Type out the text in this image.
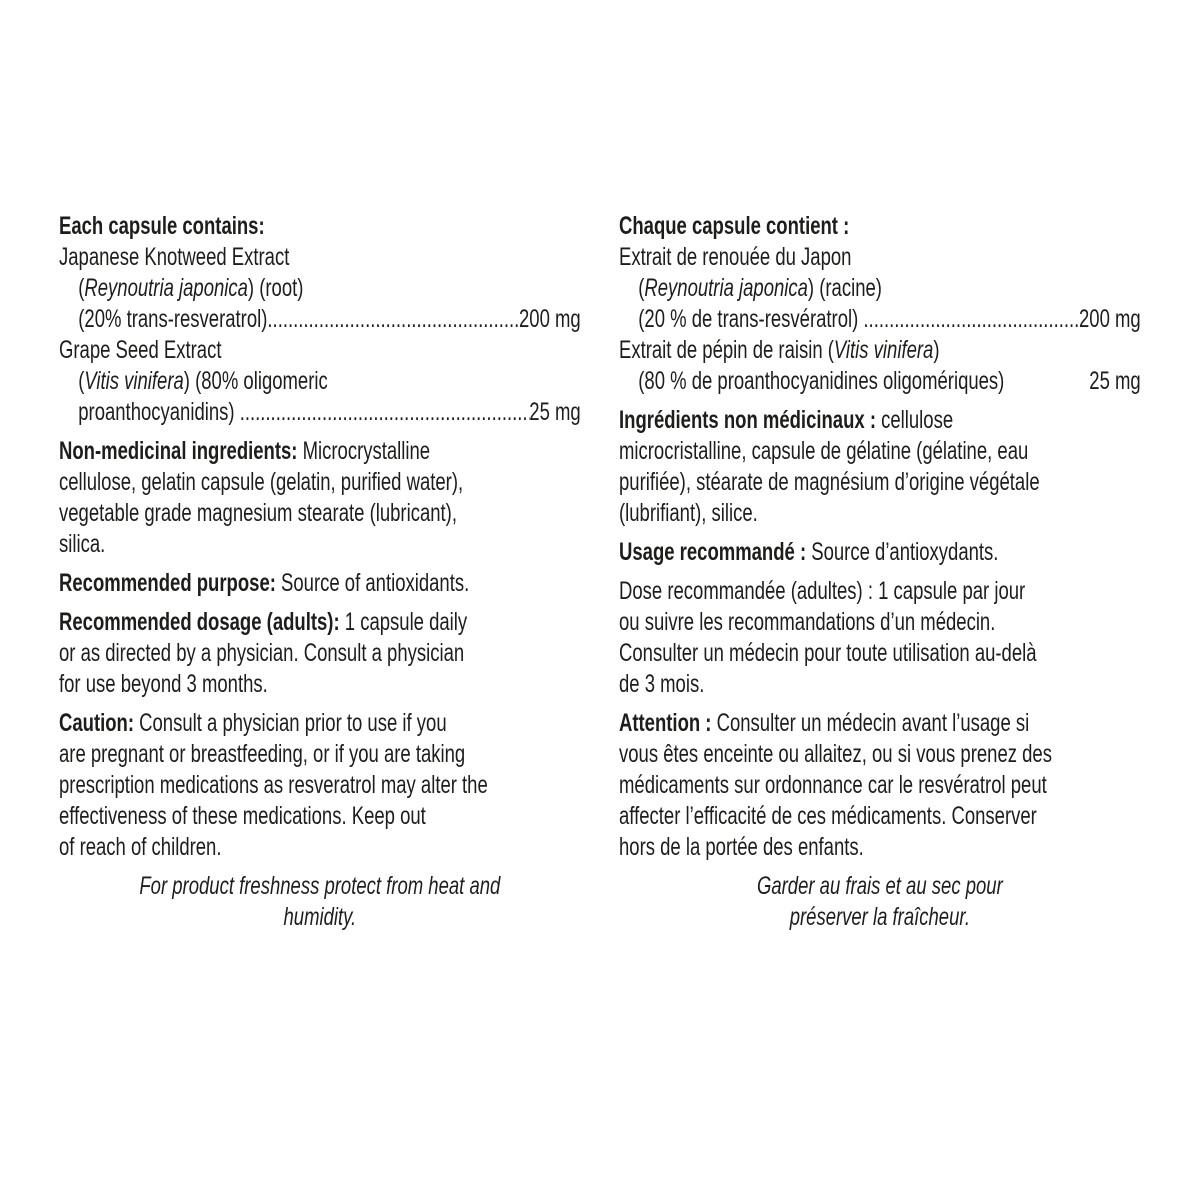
Each capsule contains:
Japanese Knotweed Extract
(Reynoutria japonica) (root)
(20% trans-resveratrol) .....	200 mg
Grape Seed Extract
(Vitis vinifera) (80% oligomeric
proanthocyanidins) .....	25 mg
Non-medicinal ingredients: Microcrystalline
cellulose, gelatin capsule (gelatin, purified water),
vegetable grade magnesium stearate (lubricant),
silica.
Recommended purpose: Source of antioxidants.
Recommended dosage (adults): 1 capsule daily
or as directed by a physician. Consult a physician
for use beyond 3 months.
Caution: Consult a physician prior to use if you
are pregnant or breastfeeding, or if you are taking
prescription medications as resveratrol may alter the
effectiveness of these medications. Keep out
of reach of children.
For product freshness protect from heat and
humidity.
Chaque capsule contient :
Extrait de renouée du Japon
(Reynoutria japonica) (racine)
(20 % de trans-resvératrol) .....	200 mg
Extrait de pépin de raisin (Vitis vinifera)
(80 % de proanthocyanidines oligomériques)	25 mg
Ingrédients non médicinaux : cellulose
microcristalline, capsule de gélatine (gélatine, eau
purifiée), stéarate de magnésium d’origine végétale
(lubrifiant), silice.
Usage recommandé : Source d’antioxydants.
Dose recommandée (adultes) : 1 capsule par jour
ou suivre les recommandations d’un médecin.
Consulter un médecin pour toute utilisation au-delà
de 3 mois.
Attention : Consulter un médecin avant l’usage si
vous êtes enceinte ou allaitez, ou si vous prenez des
médicaments sur ordonnance car le resvératrol peut
affecter l’efficacité de ces médicaments. Conserver
hors de la portée des enfants.
Garder au frais et au sec pour
préserver la fraîcheur.
